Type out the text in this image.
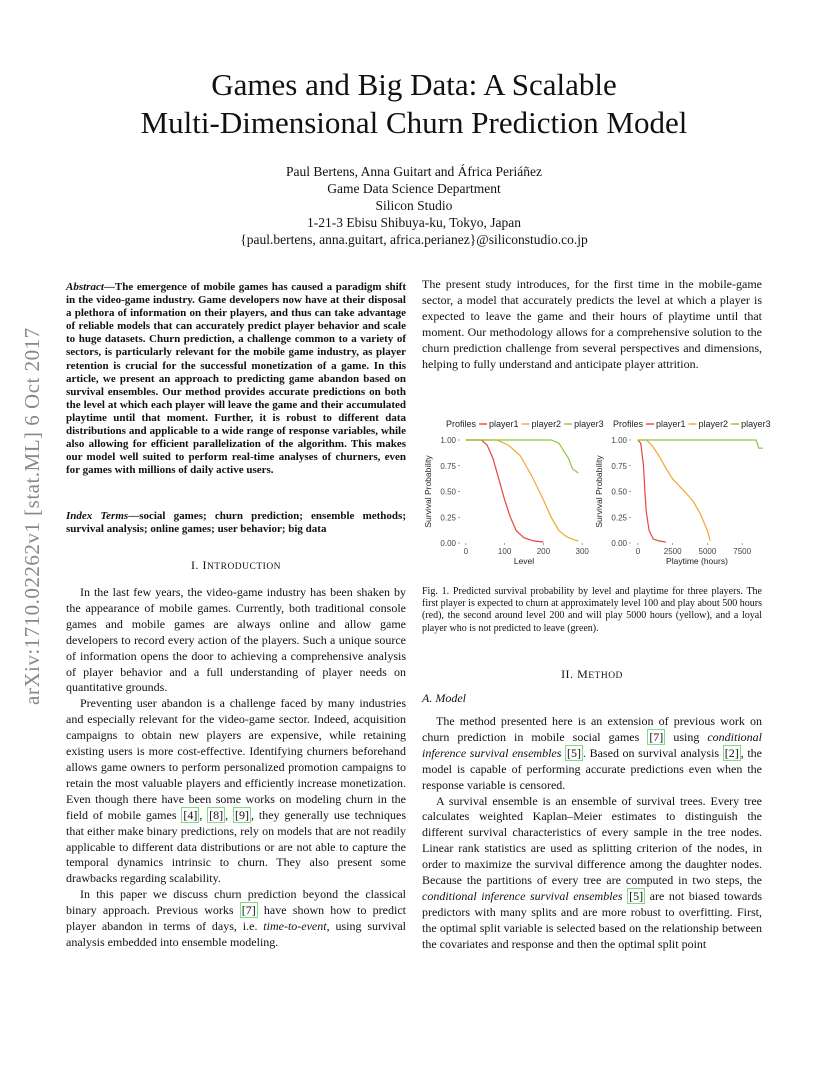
arXiv:1710.02262v1 [stat.ML] 6 Oct 2017
Games and Big Data: A Scalable
Multi-Dimensional Churn Prediction Model
Paul Bertens, Anna Guitart and África Periáñez
Game Data Science Department
Silicon Studio
1-21-3 Ebisu Shibuya-ku, Tokyo, Japan
{paul.bertens, anna.guitart, africa.perianez}@siliconstudio.co.jp
Abstract—The emergence of mobile games has caused a paradigm shift in the video-game industry. Game developers now have at their disposal a plethora of information on their players, and thus can take advantage of reliable models that can accurately predict player behavior and scale to huge datasets. Churn prediction, a challenge common to a variety of sectors, is particularly relevant for the mobile game industry, as player retention is crucial for the successful monetization of a game. In this article, we present an approach to predicting game abandon based on survival ensembles. Our method provides accurate predictions on both the level at which each player will leave the game and their accumulated playtime until that moment. Further, it is robust to different data distributions and applicable to a wide range of response variables, while also allowing for efficient parallelization of the algorithm. This makes our model well suited to perform real-time analyses of churners, even for games with millions of daily active users.
Index Terms—social games; churn prediction; ensemble methods; survival analysis; online games; user behavior; big data
I. INTRODUCTION

In the last few years, the video-game industry has been shaken by the appearance of mobile games. Currently, both traditional console games and mobile games are always online and allow game developers to record every action of the players. Such a unique source of information opens the door to achieving a comprehensive analysis of player behavior and a full understanding of player needs on quantitative grounds.

Preventing user abandon is a challenge faced by many industries and especially relevant for the video-game sector. Indeed, acquisition campaigns to obtain new players are expensive, while retaining existing users is more cost-effective. Identifying churners beforehand allows game owners to perform personalized promotion campaigns to retain the most valuable players and efficiently increase monetization. Even though there have been some works on modeling churn in the field of mobile games [4] , [8] , [9] , they generally use techniques that either make binary predictions, rely on models that are not readily applicable to different data distributions or are not able to capture the temporal dynamics intrinsic to churn. They also present some drawbacks regarding scalability.

In this paper we discuss churn prediction beyond the classical binary approach. Previous works [7] have shown how to predict player abandon in terms of days, i.e. time-to-event, using survival analysis embedded into ensemble modeling.

The present study introduces, for the first time in the mobile-game sector, a model that accurately predicts the level at which a player is expected to leave the game and their hours of playtime until that moment. Our methodology allows for a comprehensive solution to the churn prediction challenge from several perspectives and dimensions, helping to fully understand and anticipate player attrition.
Profiles player1 player2 player3
0.00
0.25
0.50
0.75
1.00
0	100	200	300
Level
Survival Probability
Profiles player1 player2 player3
0.00
0.25
0.50
0.75
1.00
0	2500 5000 7500
Playtime (hours)
Survival Probability
Fig. 1. Predicted survival probability by level and playtime for three players. The first player is expected to churn at approximately level 100 and play about 500 hours (red), the second around level 200 and will play 5000 hours (yellow), and a loyal player who is not predicted to leave (green).
II. METHOD
A. Model

The method presented here is an extension of previous work on churn prediction in mobile social games [7] using conditional inference survival ensembles [5] . Based on survival analysis [2] , the model is capable of performing accurate predictions even when the response variable is censored.

A survival ensemble is an ensemble of survival trees. Every tree calculates weighted Kaplan–Meier estimates to distinguish the different survival characteristics of every sample in the tree nodes. Linear rank statistics are used as splitting criterion of the nodes, in order to maximize the survival difference among the daughter nodes. Because the partitions of every tree are computed in two steps, the conditional inference survival ensembles [5] are not biased towards predictors with many splits and are more robust to overfitting. First, the optimal split variable is selected based on the relationship between the covariates and response and then the optimal split point
